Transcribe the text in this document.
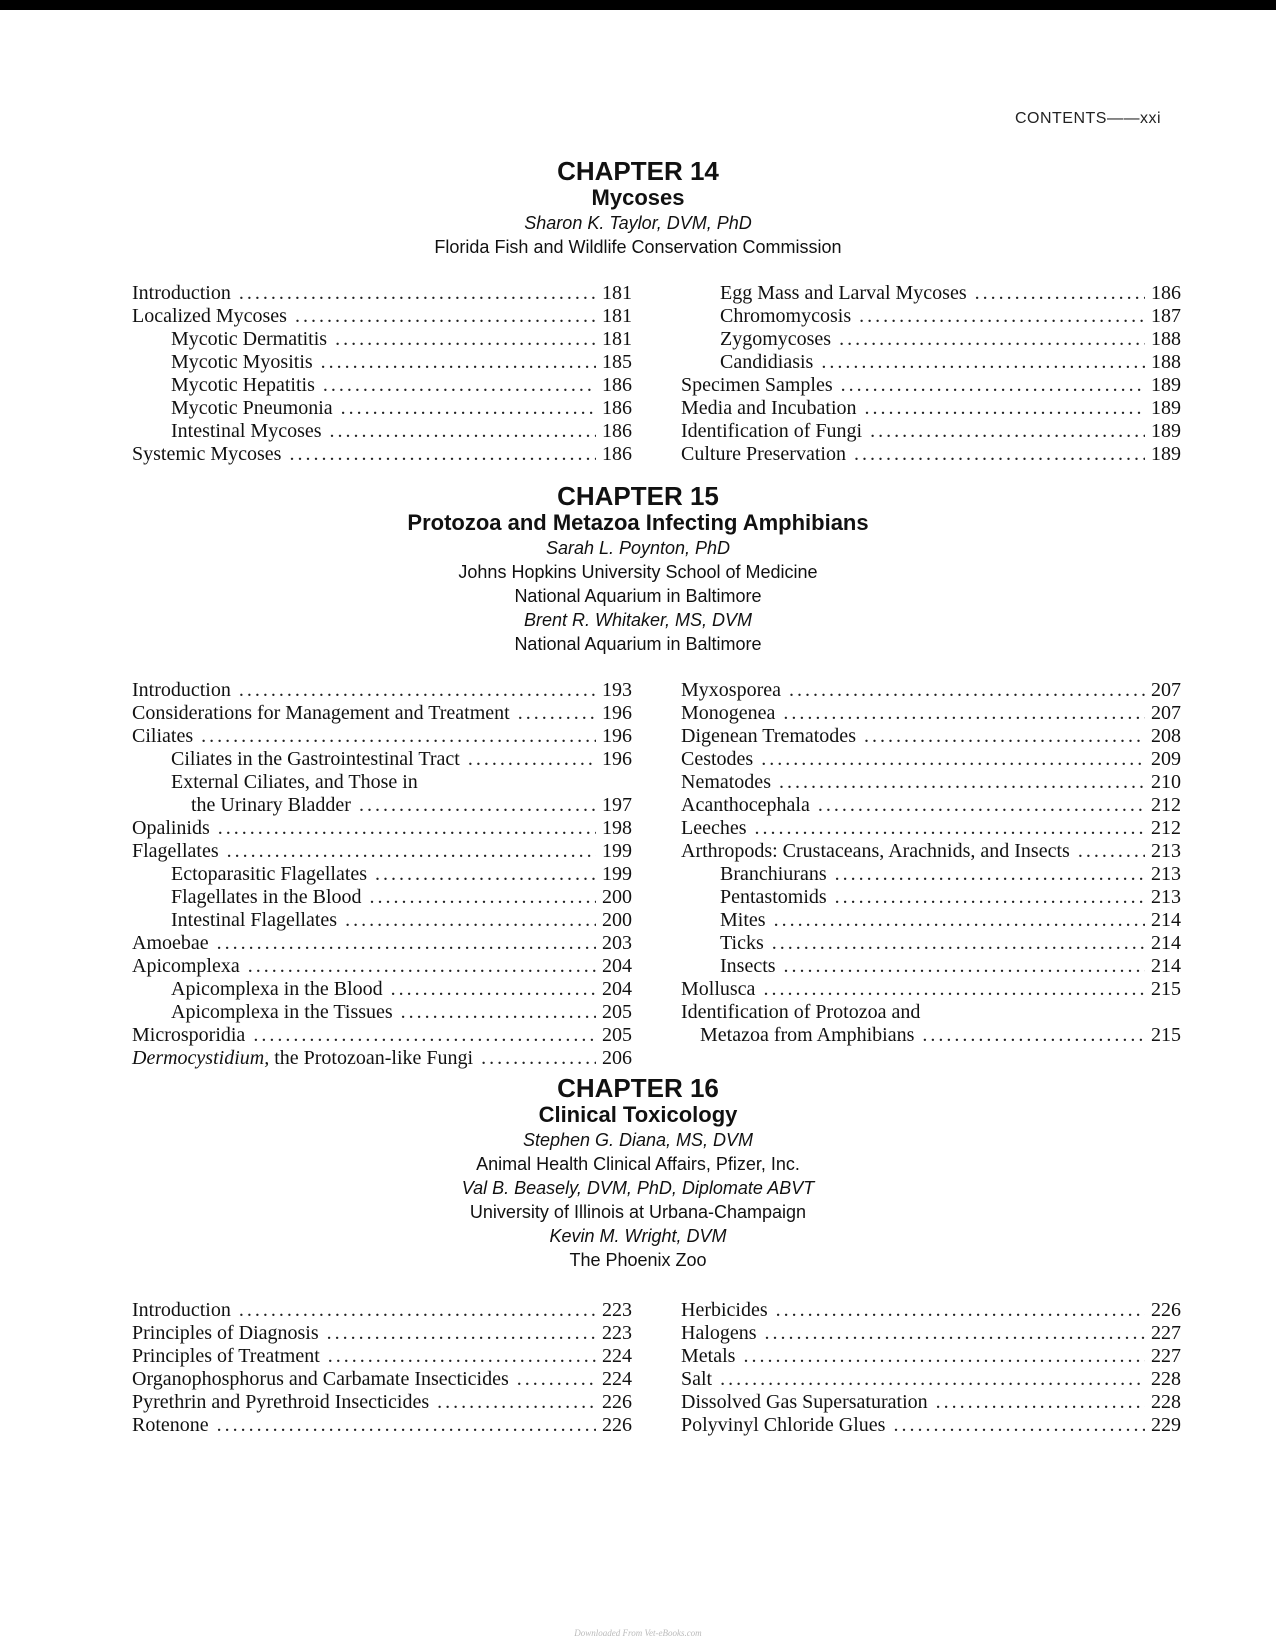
CONTENTS——xxi
CHAPTER 14
Mycoses
Sharon K. Taylor, DVM, PhD
Florida Fish and Wildlife Conservation Commission
Introduction .....	181
Localized Mycoses .....	181
Mycotic Dermatitis .....	181
Mycotic Myositis .....	185
Mycotic Hepatitis .....	186
Mycotic Pneumonia .....	186
Intestinal Mycoses .....	186
Systemic Mycoses .....	186
Egg Mass and Larval Mycoses .....	186
Chromomycosis .....	187
Zygomycoses .....	188
Candidiasis .....	188
Specimen Samples .....	189
Media and Incubation .....	189
Identification of Fungi .....	189
Culture Preservation .....	189
CHAPTER 15
Protozoa and Metazoa Infecting Amphibians
Sarah L. Poynton, PhD
Johns Hopkins University School of Medicine
National Aquarium in Baltimore
Brent R. Whitaker, MS, DVM
National Aquarium in Baltimore
Introduction .....	193
Considerations for Management and Treatment .....	196
Ciliates .....	196
Ciliates in the Gastrointestinal Tract .....	196
External Ciliates, and Those in
the Urinary Bladder .....	197
Opalinids .....	198
Flagellates .....	199
Ectoparasitic Flagellates .....	199
Flagellates in the Blood .....	200
Intestinal Flagellates .....	200
Amoebae .....	203
Apicomplexa .....	204
Apicomplexa in the Blood .....	204
Apicomplexa in the Tissues .....	205
Microsporidia .....	205
Dermocystidium, the Protozoan-like Fungi .....	206
Myxosporea .....	207
Monogenea .....	207
Digenean Trematodes .....	208
Cestodes .....	209
Nematodes .....	210
Acanthocephala .....	212
Leeches .....	212
Arthropods: Crustaceans, Arachnids, and Insects .....	213
Branchiurans .....	213
Pentastomids .....	213
Mites .....	214
Ticks .....	214
Insects .....	214
Mollusca .....	215
Identification of Protozoa and
Metazoa from Amphibians .....	215
CHAPTER 16
Clinical Toxicology
Stephen G. Diana, MS, DVM
Animal Health Clinical Affairs, Pfizer, Inc.
Val B. Beasely, DVM, PhD, Diplomate ABVT
University of Illinois at Urbana-Champaign
Kevin M. Wright, DVM
The Phoenix Zoo
Introduction .....	223
Principles of Diagnosis .....	223
Principles of Treatment .....	224
Organophosphorus and Carbamate Insecticides .....	224
Pyrethrin and Pyrethroid Insecticides .....	226
Rotenone .....	226
Herbicides .....	226
Halogens .....	227
Metals .....	227
Salt .....	228
Dissolved Gas Supersaturation .....	228
Polyvinyl Chloride Glues .....	229
Downloaded From Vet-eBooks.com
